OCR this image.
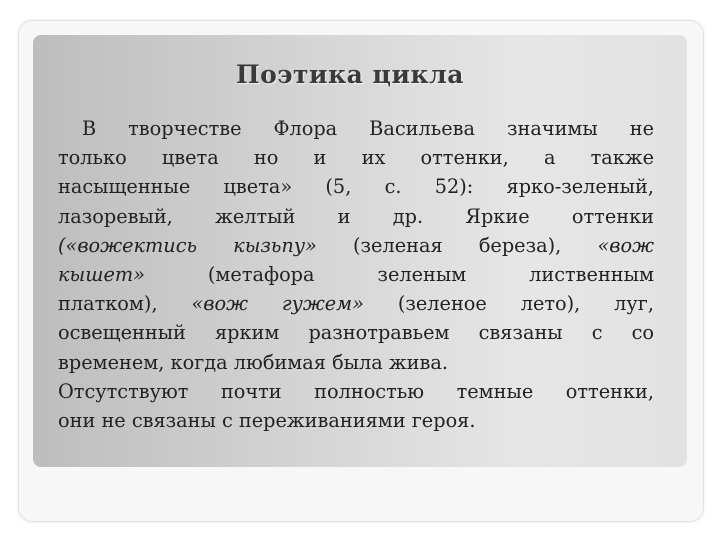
Поэтика цикла
В творчестве Флора Васильева значимы не
только цвета но и их оттенки, а также
насыщенные цвета» (5, с. 52): ярко-зеленый,
лазоревый, желтый и др. Яркие оттенки
(«вожектись кызьпу» (зеленая береза), «вож
кышет» (метафора зеленым лиственным
платком), «вож гужем» (зеленое лето), луг,
освещенный ярким разнотравьем связаны с со
временем, когда любимая была жива.
Отсутствуют почти полностью темные оттенки,
они не связаны с переживаниями героя.
